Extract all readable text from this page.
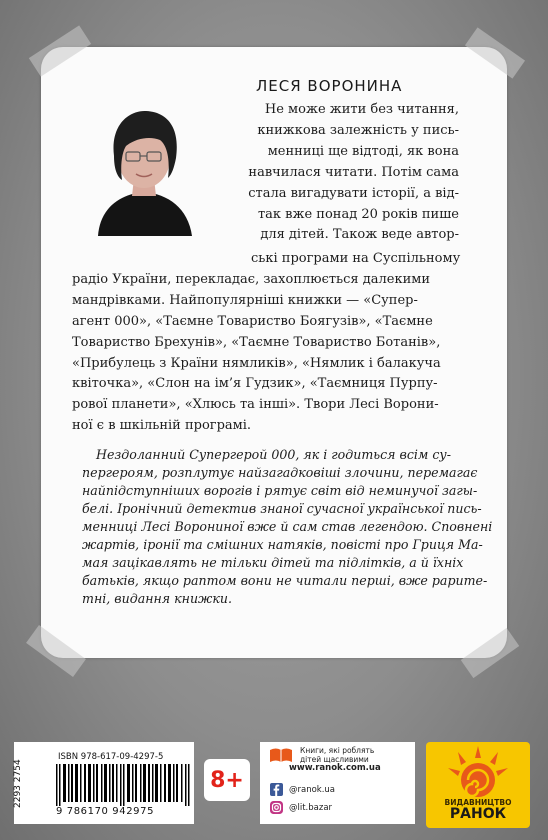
ЛЕСЯ ВОРОНИНА
Не може жити без читання,
книжкова залежність у пись-
менниці ще відтоді, як вона
навчилася читати. Потім сама
стала вигадувати історії, а від-
так вже понад 20 років пише
для дітей. Також веде автор-
ські програми на Суспільному
радіо України, перекладає, захоплюється далекими
мандрівками. Найпопулярніші книжки — «Супер-
агент 000», «Таємне Товариство Боягузів», «Таємне
Товариство Брехунів», «Таємне Товариство Ботанів»,
«Прибулець з Країни нямликів», «Нямлик і балакуча
квіточка», «Слон на ім’я Гудзик», «Таємниця Пурпу-
рової планети», «Хлюсь та інші». Твори Лесі Ворони-
ної є в шкільній програмі.
Нездоланний Супергерой 000, як і годиться всім су-
пергероям, розплутує найзагадковіші злочини, перемагає
найпідступніших ворогів і рятує світ від неминучої загы-
белі. Іронічний детектив знаної сучасної української пись-
менниці Лесі Ворониної вже й сам став легендою. Сповнені
жартів, іронії та смішних натяків, повісті про Гриця Ма-
мая зацікавлять не тільки дітей та підлітків, а й їхніх
батьків, якщо раптом вони не читали перші, вже рарите-
тні, видання книжки.
ISBN 978-617-09-4297-5
9 786170 942975
2293 2754	8+
Книги, які роблять
дітей щасливими
www.ranok.com.ua
@ranok.ua
@lit.bazar	ВИДАВНИЦТВО
РАНОК
